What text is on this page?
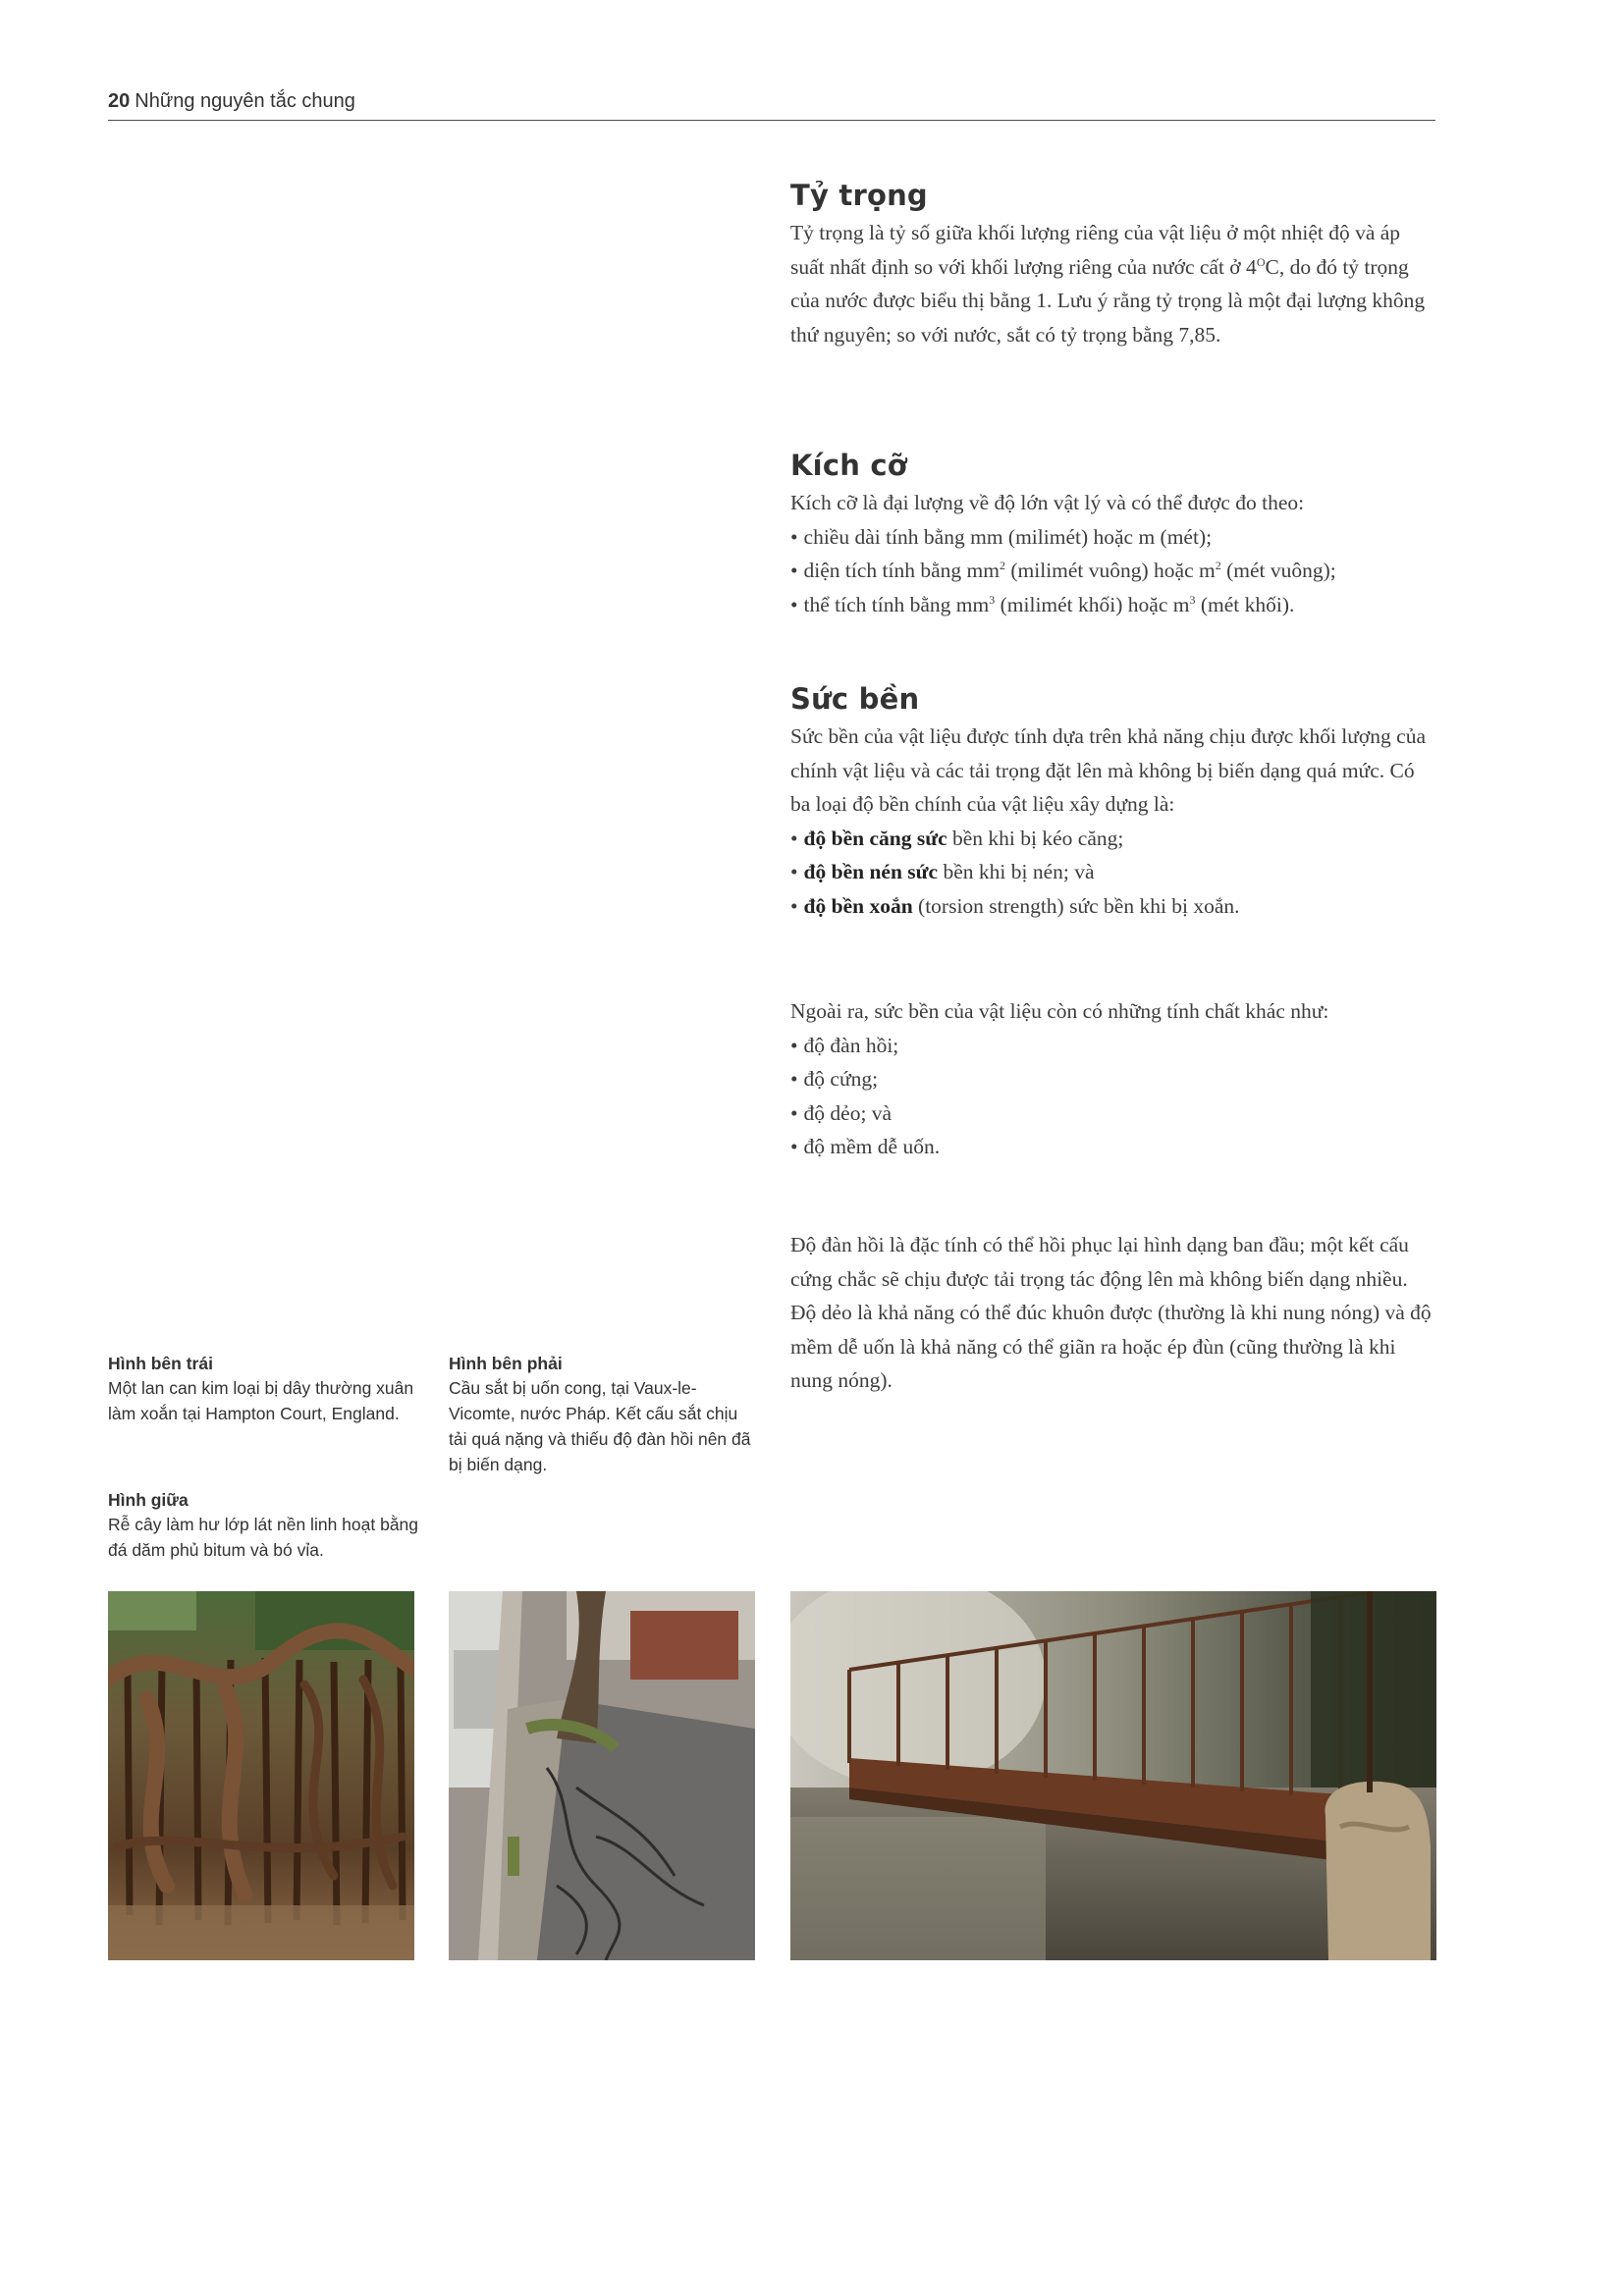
20 Những nguyên tắc chung
Tỷ trọng

Tỷ trọng là tỷ số giữa khối lượng riêng của vật liệu ở một nhiệt độ và áp suất nhất định so với khối lượng riêng của nước cất ở $4^OC$, do đó tỷ trọng của nước được biểu thị bằng 1. Lưu ý rằng tỷ trọng là một đại lượng không thứ nguyên; so với nước, sắt có tỷ trọng bằng 7,85.

Kích cỡ

Kích cỡ là đại lượng về độ lớn vật lý và có thể được đo theo:

• chiều dài tính bằng mm (milimét) hoặc m (mét);
• diện tích tính bằng $mm^2$ (milimét vuông) hoặc $m^2$ (mét vuông);
• thể tích tính bằng $mm^3$ (milimét khối) hoặc $m^3$ (mét khối).
Sức bền

Sức bền của vật liệu được tính dựa trên khả năng chịu được khối lượng của chính vật liệu và các tải trọng đặt lên mà không bị biến dạng quá mức. Có ba loại độ bền chính của vật liệu xây dựng là:

• độ bền căng sức bền khi bị kéo căng;
• độ bền nén sức bền khi bị nén; và
• độ bền xoắn (torsion strength) sức bền khi bị xoắn.

Ngoài ra, sức bền của vật liệu còn có những tính chất khác như:

• độ đàn hồi;
• độ cứng;
• độ dẻo; và
• độ mềm dễ uốn.

Độ đàn hồi là đặc tính có thể hồi phục lại hình dạng ban đầu; một kết cấu cứng chắc sẽ chịu được tải trọng tác động lên mà không biến dạng nhiều. Độ dẻo là khả năng có thể đúc khuôn được (thường là khi nung nóng) và độ mềm dễ uốn là khả năng có thể giãn ra hoặc ép đùn (cũng thường là khi nung nóng).

Hình bên trái
Một lan can kim loại bị dây thường xuân làm xoắn tại Hampton Court, England.
Hình giữa
Rễ cây làm hư lớp lát nền linh hoạt bằng đá dăm phủ bitum và bó vỉa.
Hình bên phải
Cầu sắt bị uốn cong, tại Vaux-le-Vicomte, nước Pháp. Kết cấu sắt chịu tải quá nặng và thiếu độ đàn hồi nên đã bị biến dạng.
